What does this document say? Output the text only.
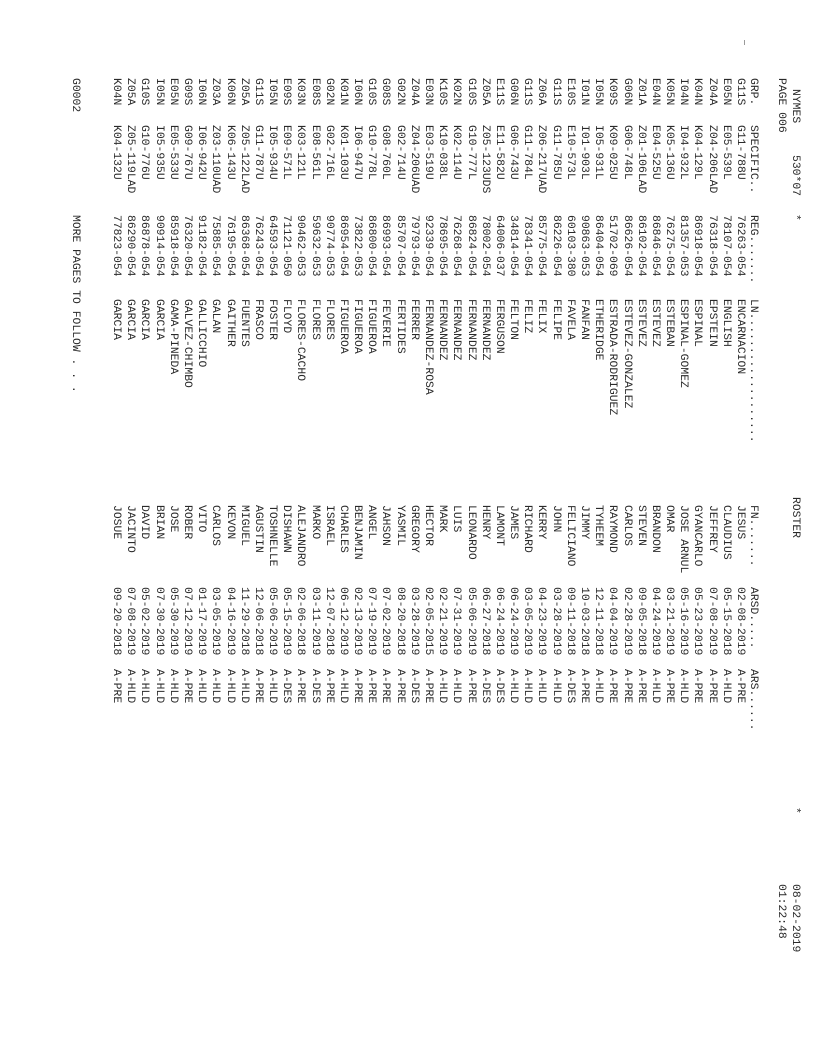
NYMES
530*07
*
ROSTER
*
08-02-2019
PAGE 006
01:22:48

GRP.

SPECIFIC..

REG.......

LN...................

FN.......

ARSD.....

ARS......

G11S
G11-788U
76263-054
ENCARNACION
JESUS
02-08-2019
A-PRE
E05N
E05-539L
78107-054
ENGLISH
CLAUDIUS
05-15-2018
A-HLD
Z04A
Z04-206LAD
76318-054
EPSTEIN
JEFFREY
07-08-2019
A-PRE
K04N
K04-129L
86918-054
ESPINAL
GYANCARLO
05-23-2019
A-PRE
I04N
I04-932L
81357-053
ESPINAL-GOMEZ
JOSE ARNUL
05-16-2019
A-HLD
K05N
K05-136U
76275-054
ESTEBAN
OMAR
03-21-2019
A-PRE
E04N
E04-525U
86846-054
ESTEVEZ
BRANDON
04-24-2019
A-HLD
Z01A
Z01-106LAD
86102-054
ESTEVEZ
STEVEN
09-05-2018
A-PRE
G06N
G06-748L
86626-054
ESTEVEZ-GONZALEZ
CARLOS
02-28-2019
A-PRE
K09S
K09-025U
51702-069
ESTRADA-RODRIGUEZ
RAYMOND
04-04-2019
A-PRE
I05N
I05-931L
86404-054
ETHERIDGE
TYHEEM
12-11-2018
A-HLD
I01N
I01-903L
90863-053
FANFAN
JIMMY
10-03-2018
A-PRE
E10S
E10-573L
60103-380
FAVELA
FELICIANO
09-11-2018
A-DES
G11S
G11-785U
86226-054
FELIPE
JOHN
03-28-2019
A-HLD
Z06A
Z06-217UAD
85775-054
FELIX
KERRY
04-23-2019
A-HLD
G11S
G11-784L
78341-054
FELIZ
RICHARD
03-05-2019
A-HLD
G06N
G06-743U
34814-054
FELTON
JAMES
06-24-2019
A-HLD
E11S
E11-582U
64006-037
FERGUSON
LAMONT
06-24-2019
A-DES
Z05A
Z05-123UDS
78002-054
FERNANDEZ
HENRY
06-27-2018
A-DES
G10S
G10-777L
86824-054
FERNANDEZ
LEONARDO
05-06-2019
A-PRE
K02N
K02-114U
76268-054
FERNANDEZ
LUIS
07-31-2019
A-HLD
K10S
K10-038L
78695-054
FERNANDEZ
MARK
02-21-2019
A-HLD
E03N
E03-519U
92339-054
FERNANDEZ-ROSA
HECTOR
02-05-2015
A-PRE
Z04A
Z04-206UAD
79793-054
FERRER
GREGORY
03-28-2019
A-DES
G02N
G02-714U
85707-054
FERTIDES
YASMIL
08-20-2018
A-PRE
G08S
G08-760L
86993-054
FEVERIE
JAHSON
07-02-2019
A-PRE
G10S
G10-778L
86800-054
FIGUEROA
ANGEL
07-19-2019
A-PRE
I06N
I06-947U
73822-053
FIGUEROA
BENJAMIN
02-13-2019
A-PRE
K01N
K01-103U
86954-054
FIGUEROA
CHARLES
06-12-2019
A-HLD
G02N
G02-716L
90774-053
FLORES
ISRAEL
12-07-2018
A-PRE
E08S
E08-561L
59632-053
FLORES
MARKO
03-11-2019
A-DES
K03N
K03-121L
90462-053
FLORES-CACHO
ALEJANDRO
02-06-2018
A-PRE
E09S
E09-571L
71121-050
FLOYD
DISHAWN
05-15-2019
A-DES
I05N
I05-934U
64593-054
FOSTER
TOSHNELLE
05-06-2019
A-HLD
G11S
G11-787U
76243-054
FRASCO
AGUSTIN
12-06-2018
A-PRE
Z05A
Z05-122LAD
86368-054
FUENTES
MIGUEL
11-29-2018
A-HLD
K06N
K06-143U
76195-054
GAITHER
KEVON
04-16-2019
A-HLD
Z03A
Z03-110UAD
75885-054
GALAN
CARLOS
03-05-2019
A-HLD
I06N
I06-942U
91182-054
GALLICCHIO
VITO
01-17-2019
A-HLD
G09S
G09-767U
76320-054
GALVEZ-CHIMBO
ROBER
07-12-2019
A-PRE
E05N
E05-533U
85918-054
GAMA-PINEDA
JOSE
05-30-2019
A-HLD
I05N
I05-935U
90914-054
GARCIA
BRIAN
07-30-2019
A-HLD
G10S
G10-776U
86878-054
GARCIA
DAVID
05-02-2019
A-HLD
Z05A
Z05-119LAD
86290-054
GARCIA
JACINTO
07-08-2019
A-HLD
K04N
K04-132U
77823-054
GARCIA
JOSUE
09-20-2018
A-PRE
G0002
MORE PAGES TO FOLLOW . . .
